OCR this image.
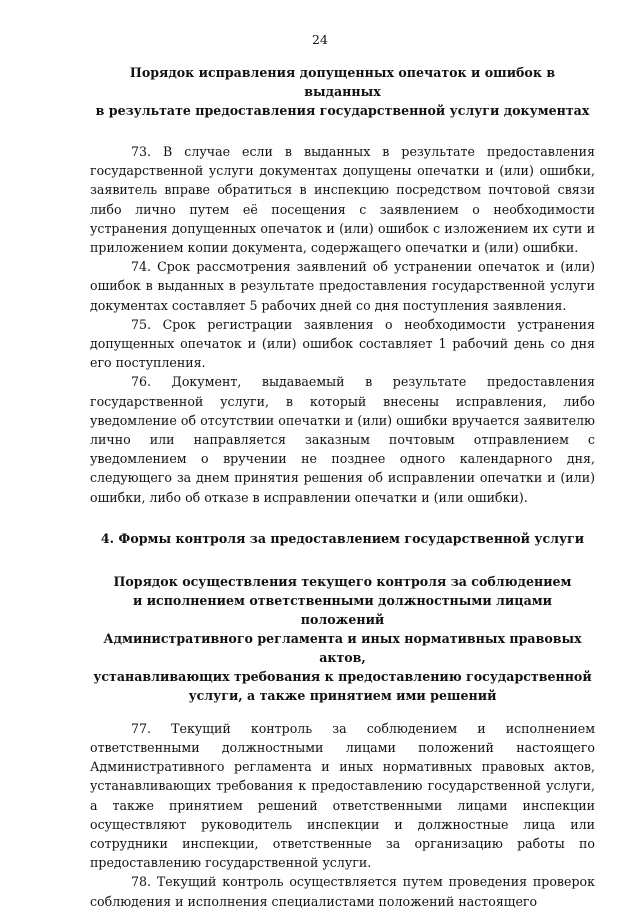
24

Порядок исправления допущенных опечаток и ошибок в выданных
в результате предоставления государственной услуги документах

73. В случае если в выданных в результате предоставления государственной услуги документах допущены опечатки и (или) ошибки, заявитель вправе обратиться в инспекцию посредством почтовой связи либо лично путем её посещения с заявлением о необходимости устранения допущенных опечаток и (или) ошибок с изложением их сути и приложением копии документа, содержащего опечатки и (или) ошибки.

74. Срок рассмотрения заявлений об устранении опечаток и (или) ошибок в выданных в результате предоставления государственной услуги документах составляет 5 рабочих дней со дня поступления заявления.

75. Срок регистрации заявления о необходимости устранения допущенных опечаток и (или) ошибок составляет 1 рабочий день со дня его поступления.

76. Документ, выдаваемый в результате предоставления государственной услуги, в который внесены исправления, либо уведомление об отсутствии опечатки и (или) ошибки вручается заявителю лично или направляется заказным почтовым отправлением с уведомлением о вручении не позднее одного календарного дня, следующего за днем принятия решения об исправлении опечатки и (или) ошибки, либо об отказе в исправлении опечатки и (или ошибки).

4. Формы контроля за предоставлением государственной услуги

Порядок осуществления текущего контроля за соблюдением
и исполнением ответственными должностными лицами положений
Административного регламента и иных нормативных правовых актов,
устанавливающих требования к предоставлению государственной
услуги, а также принятием ими решений

77. Текущий контроль за соблюдением и исполнением ответственными должностными лицами положений настоящего Административного регламента и иных нормативных правовых актов, устанавливающих требования к предоставлению государственной услуги, а также принятием решений ответственными лицами инспекции осуществляют руководитель инспекции и должностные лица или сотрудники инспекции, ответственные за организацию работы по предоставлению государственной услуги.

78. Текущий контроль осуществляется путем проведения проверок соблюдения и исполнения специалистами положений настоящего
